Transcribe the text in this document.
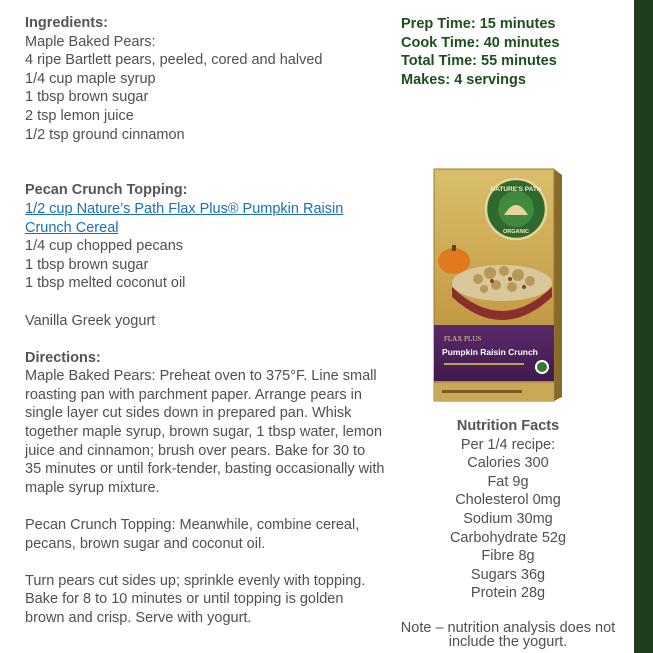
Ingredients:
Maple Baked Pears:
4 ripe Bartlett pears, peeled, cored and halved
1/4 cup maple syrup
1 tbsp brown sugar
2 tsp lemon juice
1/2 tsp ground cinnamon
Pecan Crunch Topping:
1/2 cup Nature’s Path Flax Plus® Pumpkin Raisin Crunch Cereal
1/4 cup chopped pecans
1 tbsp brown sugar
1 tbsp melted coconut oil
Vanilla Greek yogurt
Directions:
Maple Baked Pears: Preheat oven to 375°F. Line small roasting pan with parchment paper. Arrange pears in single layer cut sides down in prepared pan. Whisk together maple syrup, brown sugar, 1 tbsp water, lemon juice and cinnamon; brush over pears. Bake for 30 to 35 minutes or until fork-tender, basting occasionally with maple syrup mixture.
Pecan Crunch Topping: Meanwhile, combine cereal, pecans, brown sugar and coconut oil.
Turn pears cut sides up; sprinkle evenly with topping. Bake for 8 to 10 minutes or until topping is golden brown and crisp. Serve with yogurt.
Prep Time: 15 minutes
Cook Time: 40 minutes
Total Time: 55 minutes
Makes: 4 servings
NATURE'S PATH
ORGANIC
FLAX PLUS
Pumpkin Raisin Crunch
Nutrition Facts
Per 1/4 recipe:
Calories 300
Fat 9g
Cholesterol 0mg
Sodium 30mg
Carbohydrate 52g
Fibre 8g
Sugars 36g
Protein 28g
Note – nutrition analysis does not include the yogurt.
